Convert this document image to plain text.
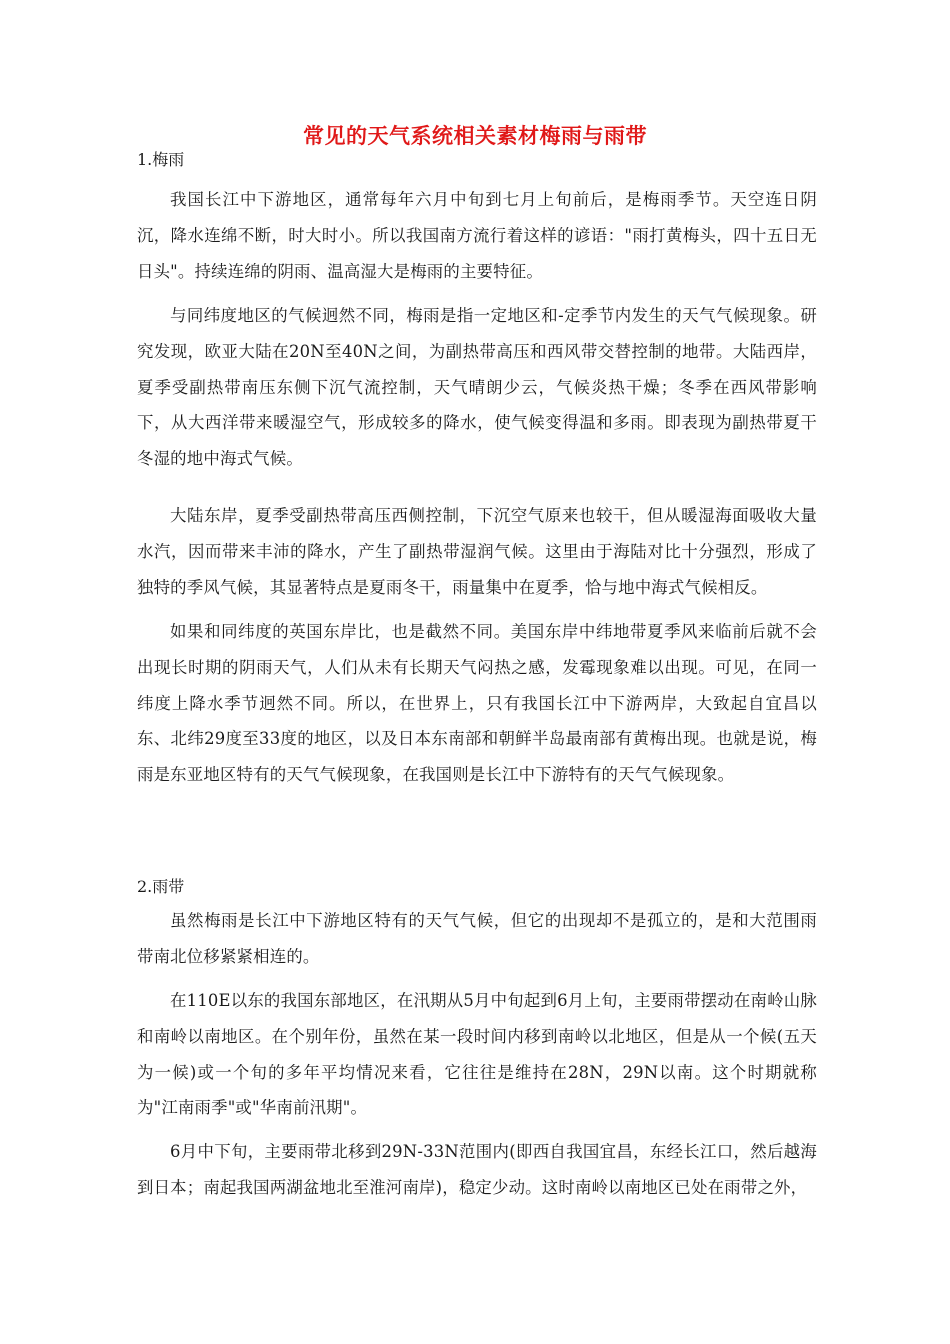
常见的天气系统相关素材梅雨与雨带
1.梅雨

我国长江中下游地区，通常每年六月中旬到七月上旬前后，是梅雨季节。天空连日阴沉，降水连绵不断，时大时小。所以我国南方流行着这样的谚语："雨打黄梅头，四十五日无日头"。持续连绵的阴雨、温高湿大是梅雨的主要特征。

与同纬度地区的气候迥然不同，梅雨是指一定地区和-定季节内发生的天气气候现象。研究发现，欧亚大陆在20N至40N之间，为副热带高压和西风带交替控制的地带。大陆西岸，夏季受副热带南压东侧下沉气流控制，天气晴朗少云，气候炎热干燥；冬季在西风带影响下，从大西洋带来暖湿空气，形成较多的降水，使气候变得温和多雨。即表现为副热带夏干冬湿的地中海式气候。

大陆东岸，夏季受副热带高压西侧控制，下沉空气原来也较干，但从暖湿海面吸收大量水汽，因而带来丰沛的降水，产生了副热带湿润气候。这里由于海陆对比十分强烈，形成了独特的季风气候，其显著特点是夏雨冬干，雨量集中在夏季，恰与地中海式气候相反。

如果和同纬度的英国东岸比，也是截然不同。美国东岸中纬地带夏季风来临前后就不会出现长时期的阴雨天气，人们从未有长期天气闷热之感，发霉现象难以出现。可见，在同一纬度上降水季节迥然不同。所以，在世界上，只有我国长江中下游两岸，大致起自宜昌以东、北纬29度至33度的地区，以及日本东南部和朝鲜半岛最南部有黄梅出现。也就是说，梅雨是东亚地区特有的天气气候现象，在我国则是长江中下游特有的天气气候现象。

2.雨带

虽然梅雨是长江中下游地区特有的天气气候，但它的出现却不是孤立的，是和大范围雨带南北位移紧紧相连的。

在110E以东的我国东部地区，在汛期从5月中旬起到6月上旬，主要雨带摆动在南岭山脉和南岭以南地区。在个别年份，虽然在某一段时间内移到南岭以北地区，但是从一个候(五天为一候)或一个旬的多年平均情况来看，它往往是维持在28N，29N以南。这个时期就称为"江南雨季"或"华南前汛期"。

6月中下旬，主要雨带北移到29N-33N范围内(即西自我国宜昌，东经长江口，然后越海到日本；南起我国两湖盆地北至淮河南岸)，稳定少动。这时南岭以南地区已处在雨带之外，
